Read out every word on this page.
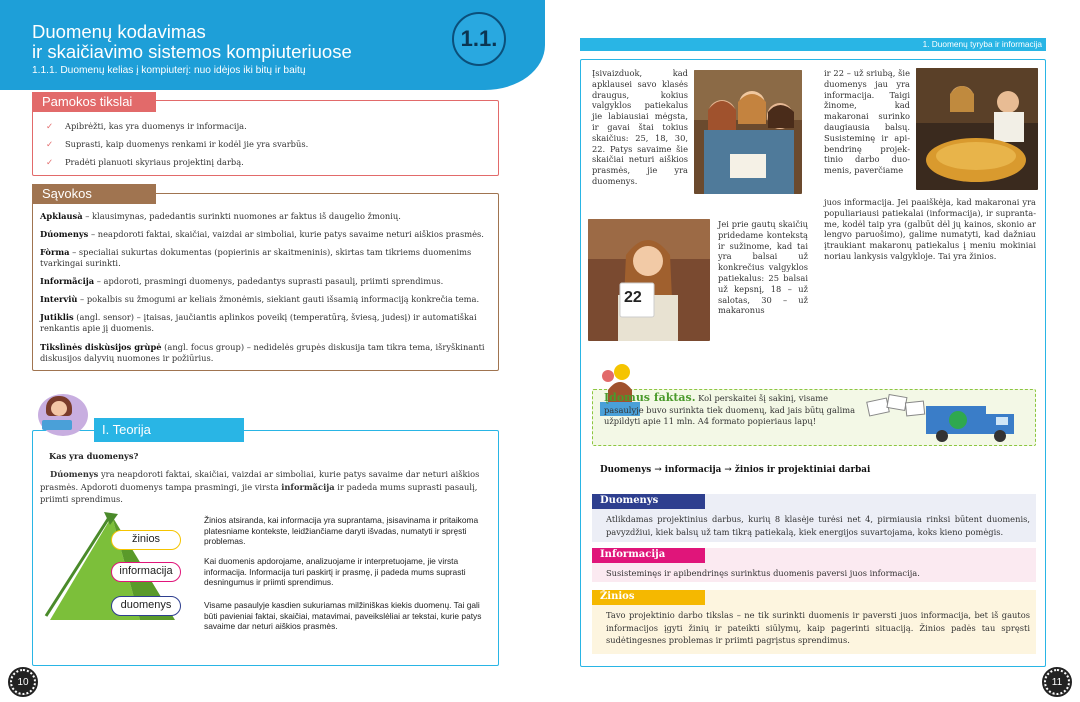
Duomenų kodavimas
ir skaičiavimo sistemos kompiuteriuose
1.1.1. Duomenų kelias į kompiuterį: nuo idėjos iki bitų ir baitų
1.1.
Pamokos tikslai
✓ Apibrėžti, kas yra duomenys ir informacija.
✓ Suprasti, kaip duomenys renkami ir kodėl jie yra svarbūs.
✓ Pradėti planuoti skyriaus projektinį darbą.
Sąvokos
Apklausà – klausimynas, padedantis surinkti nuomones ar faktus iš daugelio žmonių.
Dúomenys – neapdoroti faktai, skaičiai, vaizdai ar simboliai, kurie patys savaime neturi aiškios prasmės.
Fòrma – specialiai sukurtas dokumentas (popierinis ar skaitmeninis), skirtas tam tikriems duomenims tvarkingai surinkti.
Informãcija – apdoroti, prasmingi duomenys, padedantys suprasti pasaulį, priimti sprendimus.
Interviù – pokalbis su žmogumi ar keliais žmonėmis, siekiant gauti išsamią informaciją konkrečia tema.
Jutiklis (angl. sensor) – įtaisas, jaučiantis aplinkos poveikį (temperatūrą, šviesą, judesį) ir automatiškai renkantis apie jį duomenis.
Tikslìnės diskùsijos grùpė (angl. focus group) – nedidelės grupės diskusija tam tikra tema, išryškinanti diskusijos dalyvių nuomones ir požiūrius.
I. Teorija
Kas yra duomenys?
Dúomenys yra neapdoroti faktai, skaičiai, vaizdai ar simboliai, kurie patys savaime dar neturi aiškios prasmės. Apdoroti duomenys tampa prasmingi, jie virsta informãcija ir padeda mums suprasti pasaulį, priimti sprendimus.
žinios
informacija
duomenys
Žinios atsiranda, kai informacija yra suprantama, įsisavinama ir pritaikoma platesniame kontekste, leidžiančiame daryti išvadas, numatyti ir spręsti problemas.
Kai duomenis apdorojame, analizuojame ir interpretuojame, jie virsta informacija. Informacija turi paskirtį ir prasmę, ji padeda mums suprasti desningumus ir priimti sprendimus.
Visame pasaulyje kasdien sukuriamas milžiniškas kiekis duomenų. Tai gali būti pavieniai faktai, skaičiai, matavimai, paveikslėliai ar tekstai, kurie patys savaime dar neturi aiškios prasmės.
10
1. Duomenų tyryba ir informacija
Įsivaizduok, kad apklausei savo klasės draugus, kokius valgyklos patiekalus jie labiausiai mėgsta, ir gavai štai tokius skaičius: 25, 18, 30, 22. Patys savaime šie skaičiai neturi aiškios prasmės, jie yra duomenys.
22
Jei prie gautų skaičių pridedame kontekstą ir sužinome, kad tai yra balsai už konkrečius valgyklos patiekalus: 25 balsai už kepsnį, 18 – už salotas, 30 – už makaronus
ir 22 – už sriubą, šie duomenys jau yra informacija. Taigi žinome, kad makaronai surinko daugiausia balsų. Susisteminę ir apibendrinę projektinio darbo duomenis, paverčiame
juos informacija. Jei paaiškėja, kad makaronai yra populiariausi patiekalai (informacija), ir suprantame, kodėl taip yra (galbūt dėl jų kainos, skonio ar lengvo paruošimo), galime numatyti, kad dažniau įtraukiant makaronų patiekalus į meniu mokiniai noriau lankysis valgykloje. Tai yra žinios.
Įdomus faktas. Kol perskaitei šį sakinį, visame pasaulyje buvo surinkta tiek duomenų, kad jais būtų galima užpildyti apie 11 mln. A4 formato popieriaus lapų!
Duomenys → informacija → žinios ir projektiniai darbai
Duomenys
Atlikdamas projektinius darbus, kurių 8 klasėje turėsi net 4, pirmiausia rinksi būtent duomenis, pavyzdžiui, kiek balsų už tam tikrą patiekalą, kiek energijos suvartojama, koks kieno pomėgis.
Informacija
Susisteminęs ir apibendrinęs surinktus duomenis paversi juos informacija.
Žinios
Tavo projektinio darbo tikslas – ne tik surinkti duomenis ir paversti juos informacija, bet iš gautos informacijos įgyti žinių ir pateikti siūlymų, kaip pagerinti situaciją. Žinios padės tau spręsti sudėtingesnes problemas ir priimti pagrįstus sprendimus.
11
